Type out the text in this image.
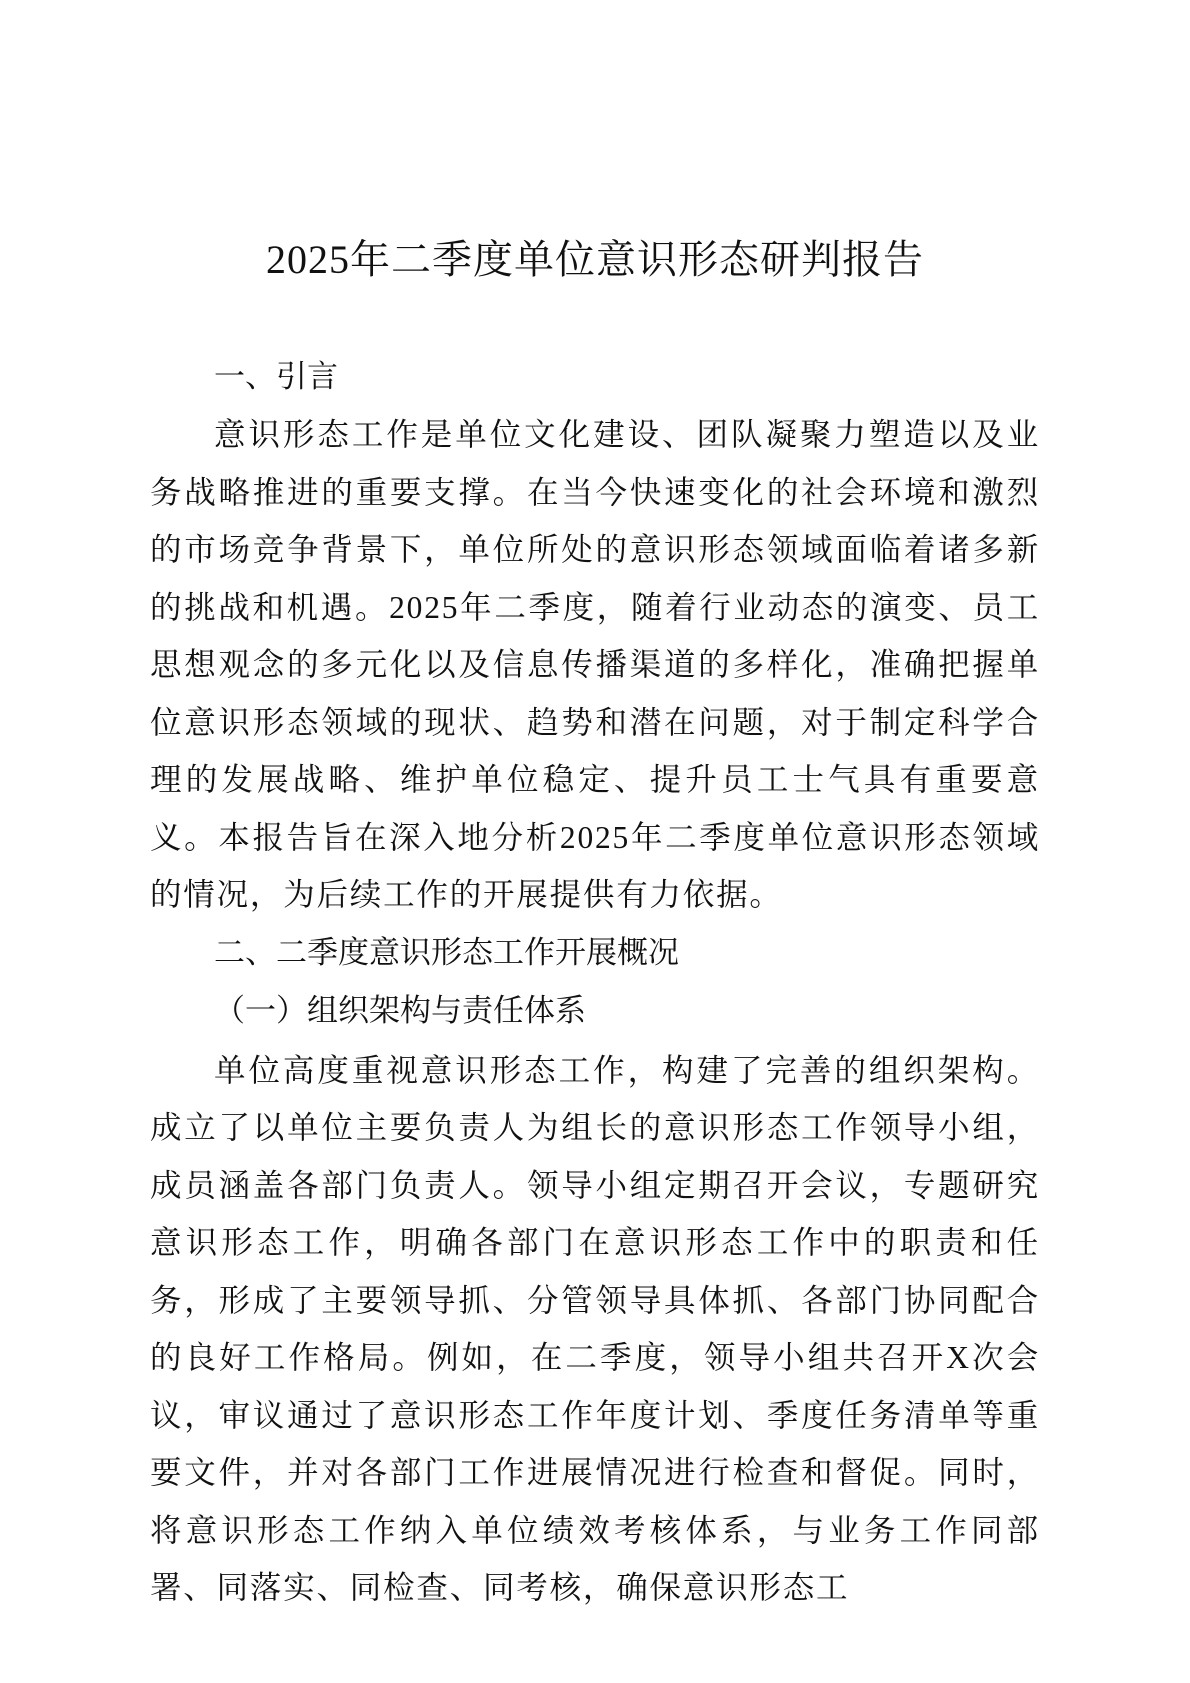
2025年二季度单位意识形态研判报告

一、引言

意识形态工作是单位文化建设、团队凝聚力塑造以及业务战略推进的重要支撑。在当今快速变化的社会环境和激烈的市场竞争背景下，单位所处的意识形态领域面临着诸多新的挑战和机遇。2025年二季度，随着行业动态的演变、员工思想观念的多元化以及信息传播渠道的多样化，准确把握单位意识形态领域的现状、趋势和潜在问题，对于制定科学合理的发展战略、维护单位稳定、提升员工士气具有重要意义。本报告旨在深入地分析2025年二季度单位意识形态领域的情况，为后续工作的开展提供有力依据。

二、二季度意识形态工作开展概况

（一）组织架构与责任体系

单位高度重视意识形态工作，构建了完善的组织架构。成立了以单位主要负责人为组长的意识形态工作领导小组，成员涵盖各部门负责人。领导小组定期召开会议，专题研究意识形态工作，明确各部门在意识形态工作中的职责和任务，形成了主要领导抓、分管领导具体抓、各部门协同配合的良好工作格局。例如，在二季度，领导小组共召开X次会议，审议通过了意识形态工作年度计划、季度任务清单等重要文件，并对各部门工作进展情况进行检查和督促。同时，将意识形态工作纳入单位绩效考核体系，与业务工作同部署、同落实、同检查、同考核，确保意识形态工
